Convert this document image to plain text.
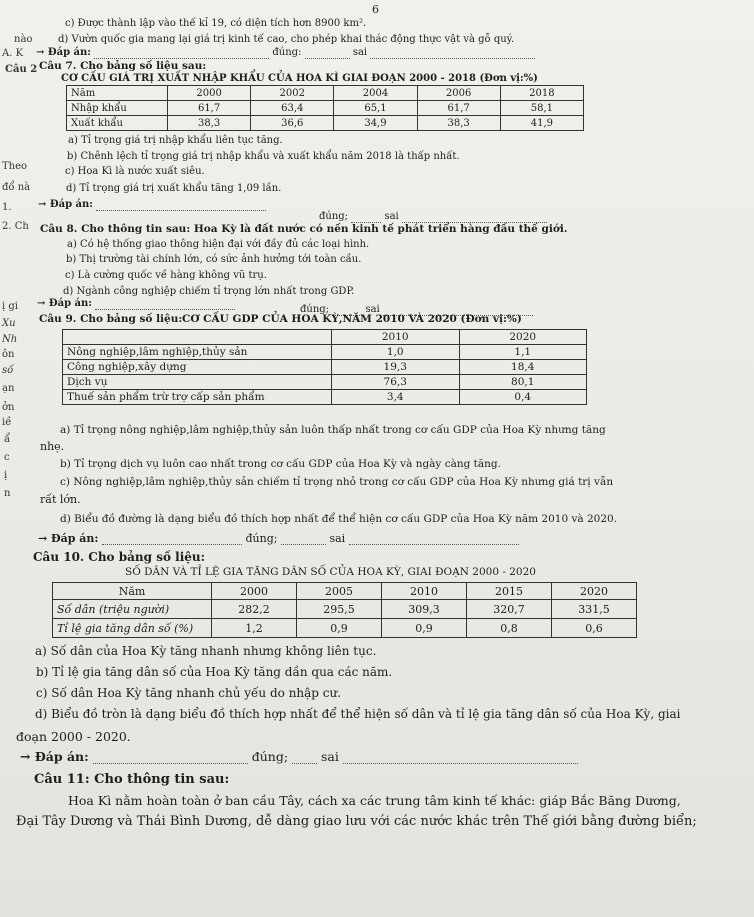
6
nào
A. K
Câu 2
Theo
đổ nà
1.
2. Ch
ị gi
Xu
Nh
ôn
số
ạn
ởn
iề
ẩ
c
ị
n
c) Được thành lập vào thế kỉ 19, có diện tích hơn 8900 km².
d) Vườn quốc gia mang lại giá trị kinh tế cao, cho phép khai thác động thực vật và gỗ quý.
→ Đáp án:	đúng:	sai
Câu 7. Cho bảng số liệu sau:
CƠ CẤU GIÁ TRỊ XUẤT NHẬP KHẨU CỦA HOA KÌ GIAI ĐOẠN 2000 - 2018 (Đơn vị:%)
Năm	2000	2002	2004	2006	2018
Nhập khẩu	61,7	63,4	65,1	61,7	58,1
Xuất khẩu	38,3	36,6	34,9	38,3	41,9
a) Tỉ trọng giá trị nhập khẩu liên tục tăng.
b) Chênh lệch tỉ trọng giá trị nhập khẩu và xuất khẩu năm 2018 là thấp nhất.
c) Hoa Kì là nước xuất siêu.
d) Tỉ trọng giá trị xuất khẩu tăng 1,09 lần.
→ Đáp án:
đúng;	sai
Câu 8. Cho thông tin sau: Hoa Kỳ là đất nước có nền kinh tế phát triển hàng đầu thế giới.
a) Có hệ thống giao thông hiện đại với đầy đủ các loại hình.
b) Thị trường tài chính lớn, có sức ảnh hưởng tới toàn cầu.
c) Là cường quốc về hàng không vũ trụ.
d) Ngành công nghiệp chiếm tỉ trọng lớn nhất trong GDP.
→ Đáp án:
đúng;	sai
Câu 9. Cho bảng số liệu: CƠ CẤU GDP CỦA HOA KỲ,NĂM 2010 VÀ 2020 (Đơn vị:%)
	2010	2020
Nông nghiệp,lâm nghiệp,thủy sản	1,0	1,1
Công nghiệp,xây dựng	19,3	18,4
Dịch vụ	76,3	80,1
Thuế sản phẩm trừ trợ cấp sản phẩm	3,4	0,4
a) Tỉ trọng nông nghiệp,lâm nghiệp,thủy sản luôn thấp nhất trong cơ cấu GDP của Hoa Kỳ nhưng tăng
nhẹ.
b) Tỉ trọng dịch vụ luôn cao nhất trong cơ cấu GDP của Hoa Kỳ và ngày càng tăng.
c) Nông nghiệp,lâm nghiệp,thủy sản chiếm tỉ trọng nhỏ trong cơ cấu GDP của Hoa Kỳ nhưng giá trị vẫn
rất lớn.
d) Biểu đồ đường là dạng biểu đồ thích hợp nhất để thể hiện cơ cấu GDP của Hoa Kỳ năm 2010 và 2020.
→ Đáp án:	đúng;	sai
Câu 10. Cho bảng số liệu:
SỐ DÂN VÀ TỈ LỆ GIA TĂNG DÂN SỐ CỦA HOA KỲ, GIAI ĐOẠN 2000 - 2020
Năm	2000	2005	2010	2015	2020
Số dân (triệu người)	282,2	295,5	309,3	320,7	331,5
Tỉ lệ gia tăng dân số (%)	1,2	0,9	0,9	0,8	0,6
a) Số dân của Hoa Kỳ tăng nhanh nhưng không liên tục.
b) Tỉ lệ gia tăng dân số của Hoa Kỳ tăng dần qua các năm.
c) Số dân Hoa Kỳ tăng nhanh chủ yếu do nhập cư.
d) Biểu đồ tròn là dạng biểu đồ thích hợp nhất để thể hiện số dân và tỉ lệ gia tăng dân số của Hoa Kỳ, giai
đoạn 2000 - 2020.
→ Đáp án:	đúng;	sai
Câu 11: Cho thông tin sau:
Hoa Kì nằm hoàn toàn ở ban cầu Tây, cách xa các trung tâm kinh tế khác: giáp Bắc Băng Dương,
Đại Tây Dương và Thái Bình Dương, dễ dàng giao lưu với các nước khác trên Thế giới bằng đường biển;
